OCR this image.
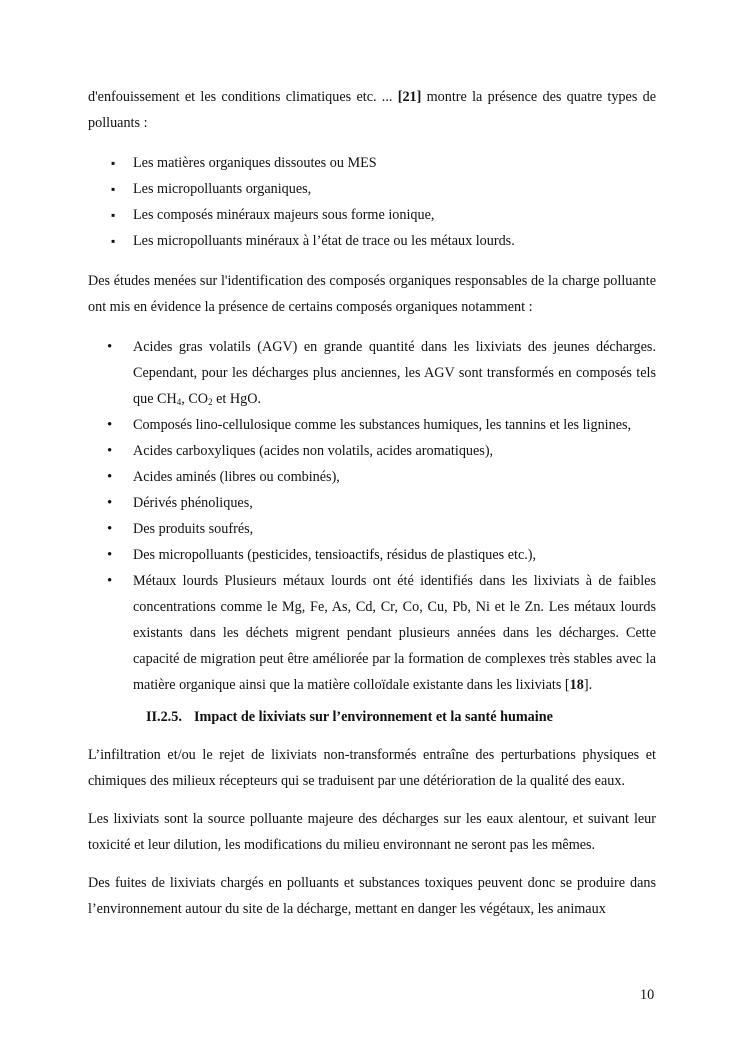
d'enfouissement et les conditions climatiques etc. ... [21] montre la présence des quatre types de polluants :

▪ Les matières organiques dissoutes ou MES
▪ Les micropolluants organiques,
▪ Les composés minéraux majeurs sous forme ionique,
▪ Les micropolluants minéraux à l’état de trace ou les métaux lourds.

Des études menées sur l'identification des composés organiques responsables de la charge polluante ont mis en évidence la présence de certains composés organiques notamment :

• Acides gras volatils (AGV) en grande quantité dans les lixiviats des jeunes décharges. Cependant, pour les décharges plus anciennes, les AGV sont transformés en composés tels que $CH_4$, $CO_2$ et HgO.
• Composés lino-cellulosique comme les substances humiques, les tannins et les lignines,
• Acides carboxyliques (acides non volatils, acides aromatiques),
• Acides aminés (libres ou combinés),
• Dérivés phénoliques,
• Des produits soufrés,
• Des micropolluants (pesticides, tensioactifs, résidus de plastiques etc.),
• Métaux lourds Plusieurs métaux lourds ont été identifiés dans les lixiviats à de faibles concentrations comme le Mg, Fe, As, Cd, Cr, Co, Cu, Pb, Ni et le Zn. Les métaux lourds existants dans les déchets migrent pendant plusieurs années dans les décharges. Cette capacité de migration peut être améliorée par la formation de complexes très stables avec la matière organique ainsi que la matière colloïdale existante dans les lixiviats [18].
II.2.5. Impact de lixiviats sur l’environnement et la santé humaine

L’infiltration et/ou le rejet de lixiviats non-transformés entraîne des perturbations physiques et chimiques des milieux récepteurs qui se traduisent par une détérioration de la qualité des eaux.

Les lixiviats sont la source polluante majeure des décharges sur les eaux alentour, et suivant leur toxicité et leur dilution, les modifications du milieu environnant ne seront pas les mêmes.

Des fuites de lixiviats chargés en polluants et substances toxiques peuvent donc se produire dans l’environnement autour du site de la décharge, mettant en danger les végétaux, les animaux

10
